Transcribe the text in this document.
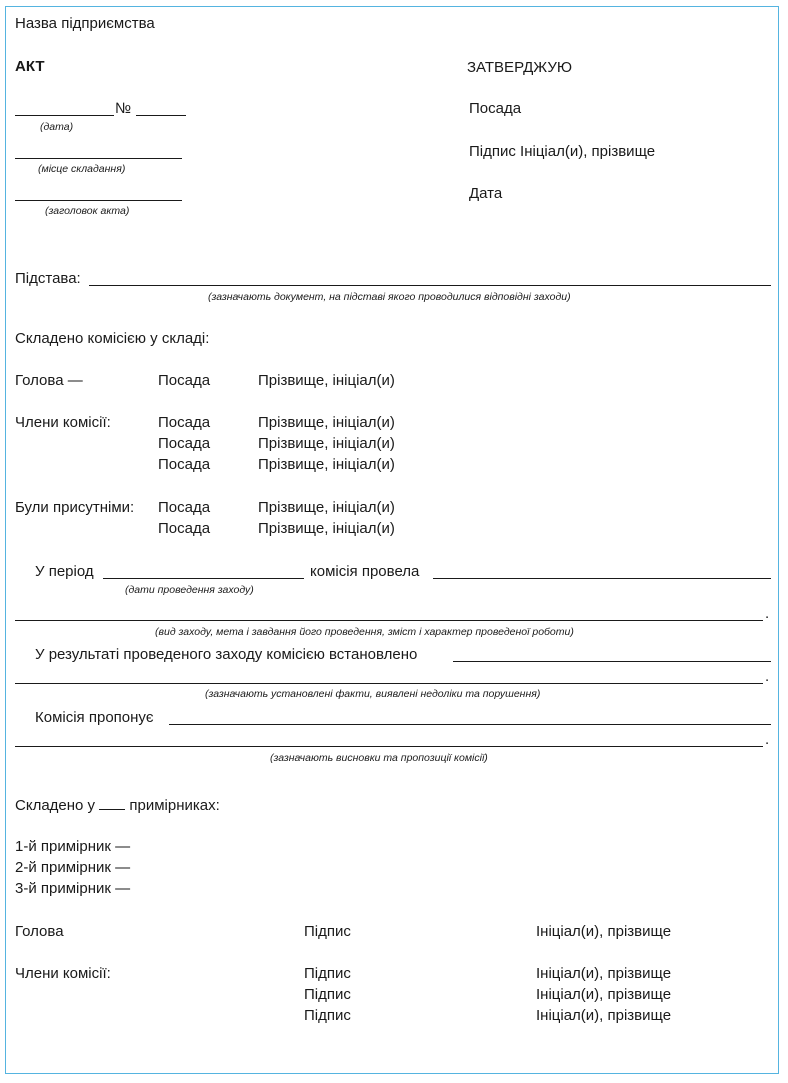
Назва підприємства
АКТ	ЗАТВЕРДЖУЮ
№
(дата)
Посада
(місце складання)
Підпис Ініціал(и), прізвище
(заголовок акта)
Дата
Підстава:
(зазначають документ, на підставі якого проводилися відповідні заходи)
Складено комісією у складі:
Голова —	Посада	Прізвище, ініціал(и)
Члени комісії:	Посада	Прізвище, ініціал(и)
Посада	Прізвище, ініціал(и)
Посада	Прізвище, ініціал(и)
Були присутніми: Посада	Прізвище, ініціал(и)
Посада	Прізвище, ініціал(и)
У період	комісія провела
(дати проведення заходу)
.
(вид заходу, мета і завдання його проведення, зміст і характер проведеної роботи)
У результаті проведеного заходу комісією встановлено
.
(зазначають установлені факти, виявлені недоліки та порушення)
Комісія пропонує
.
(зазначають висновки та пропозиції комісії)
Складено у примірниках:
1-й примірник —
2-й примірник —
3-й примірник —
Голова	Підпис	Ініціал(и), прізвище
Члени комісії:	Підпис	Ініціал(и), прізвище
Підпис	Ініціал(и), прізвище
Підпис	Ініціал(и), прізвище
